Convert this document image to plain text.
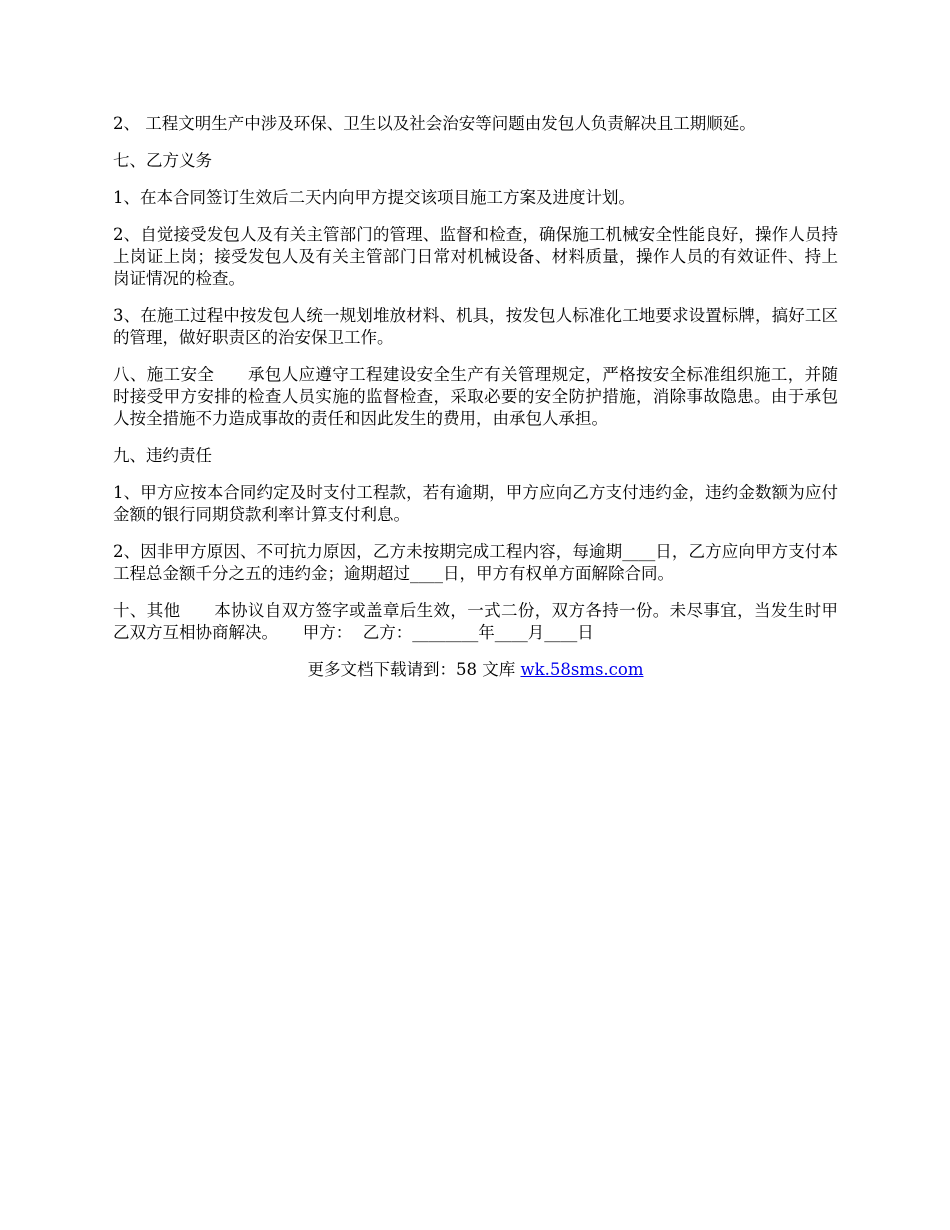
2、 工程文明生产中涉及环保、卫生以及社会治安等问题由发包人负责解决且工期顺延。

七、乙方义务

1、在本合同签订生效后二天内向甲方提交该项目施工方案及进度计划。

2、自觉接受发包人及有关主管部门的管理、监督和检查，确保施工机械安全性能良好，操作人员持上岗证上岗；接受发包人及有关主管部门日常对机械设备、材料质量，操作人员的有效证件、持上岗证情况的检查。

3、在施工过程中按发包人统一规划堆放材料、机具，按发包人标准化工地要求设置标牌，搞好工区的管理，做好职责区的治安保卫工作。

八、施工安全　　承包人应遵守工程建设安全生产有关管理规定，严格按安全标准组织施工，并随时接受甲方安排的检查人员实施的监督检查，采取必要的安全防护措施，消除事故隐患。由于承包人按全措施不力造成事故的责任和因此发生的费用，由承包人承担。

九、违约责任

1、甲方应按本合同约定及时支付工程款，若有逾期，甲方应向乙方支付违约金，违约金数额为应付金额的银行同期贷款利率计算支付利息。

2、因非甲方原因、不可抗力原因，乙方未按期完成工程内容，每逾期____日，乙方应向甲方支付本工程总金额千分之五的违约金；逾期超过____日，甲方有权单方面解除合同。

十、其他　　本协议自双方签字或盖章后生效，一式二份，双方各持一份。未尽事宜，当发生时甲乙双方互相协商解决。　　甲方：  乙方：________年____月____日

更多文档下载请到：58 文库 wk.58sms.com
